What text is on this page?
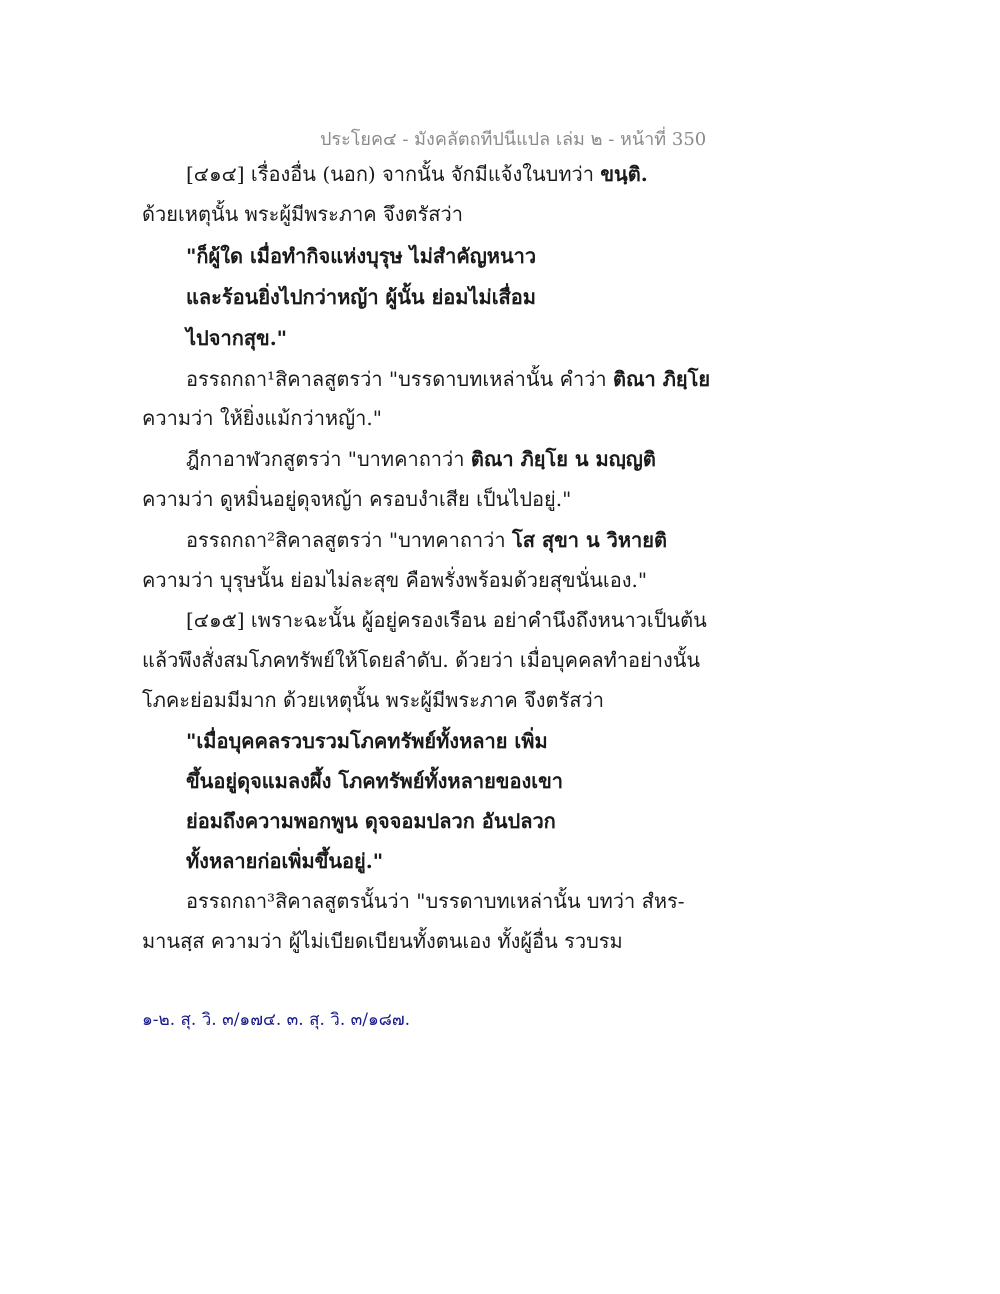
ประโยค๔ - มังคลัตถทีปนีแปล เล่ม ๒ - หน้าที่ 350
[๔๑๔] เรื่องอื่น (นอก) จากนั้น จักมีแจ้งในบทว่า ขนฺติ.
ด้วยเหตุนั้น พระผู้มีพระภาค จึงตรัสว่า
"ก็ผู้ใด เมื่อทำกิจแห่งบุรุษ ไม่สำคัญหนาว
และร้อนยิ่งไปกว่าหญ้า ผู้นั้น ย่อมไม่เสื่อม
ไปจากสุข."
อรรถกถา¹สิคาลสูตรว่า "บรรดาบทเหล่านั้น คำว่า ติณา ภิยฺโย
ความว่า ให้ยิ่งแม้กว่าหญ้า."
ฎีกาอาฬวกสูตรว่า "บาทคาถาว่า ติณา ภิยฺโย น มญฺญติ
ความว่า ดูหมิ่นอยู่ดุจหญ้า ครอบงำเสีย เป็นไปอยู่."
อรรถกถา²สิคาลสูตรว่า "บาทคาถาว่า โส สุขา น วิหายติ
ความว่า บุรุษนั้น ย่อมไม่ละสุข คือพรั่งพร้อมด้วยสุขนั่นเอง."
[๔๑๕] เพราะฉะนั้น ผู้อยู่ครองเรือน อย่าคำนึงถึงหนาวเป็นต้น
แล้วพึงสั่งสมโภคทรัพย์ให้โดยลำดับ. ด้วยว่า เมื่อบุคคลทำอย่างนั้น
โภคะย่อมมีมาก ด้วยเหตุนั้น พระผู้มีพระภาค จึงตรัสว่า
"เมื่อบุคคลรวบรวมโภคทรัพย์ทั้งหลาย เพิ่ม
ขึ้นอยู่ดุจแมลงผึ้ง โภคทรัพย์ทั้งหลายของเขา
ย่อมถึงความพอกพูน ดุจจอมปลวก อันปลวก
ทั้งหลายก่อเพิ่มขึ้นอยู่."
อรรถกถา³สิคาลสูตรนั้นว่า "บรรดาบทเหล่านั้น บทว่า สํหร-
มานสฺส ความว่า ผู้ไม่เบียดเบียนทั้งตนเอง ทั้งผู้อื่น รวบรม
๑-๒. สุ. วิ. ๓/๑๗๔. ๓. สุ. วิ. ๓/๑๘๗.
